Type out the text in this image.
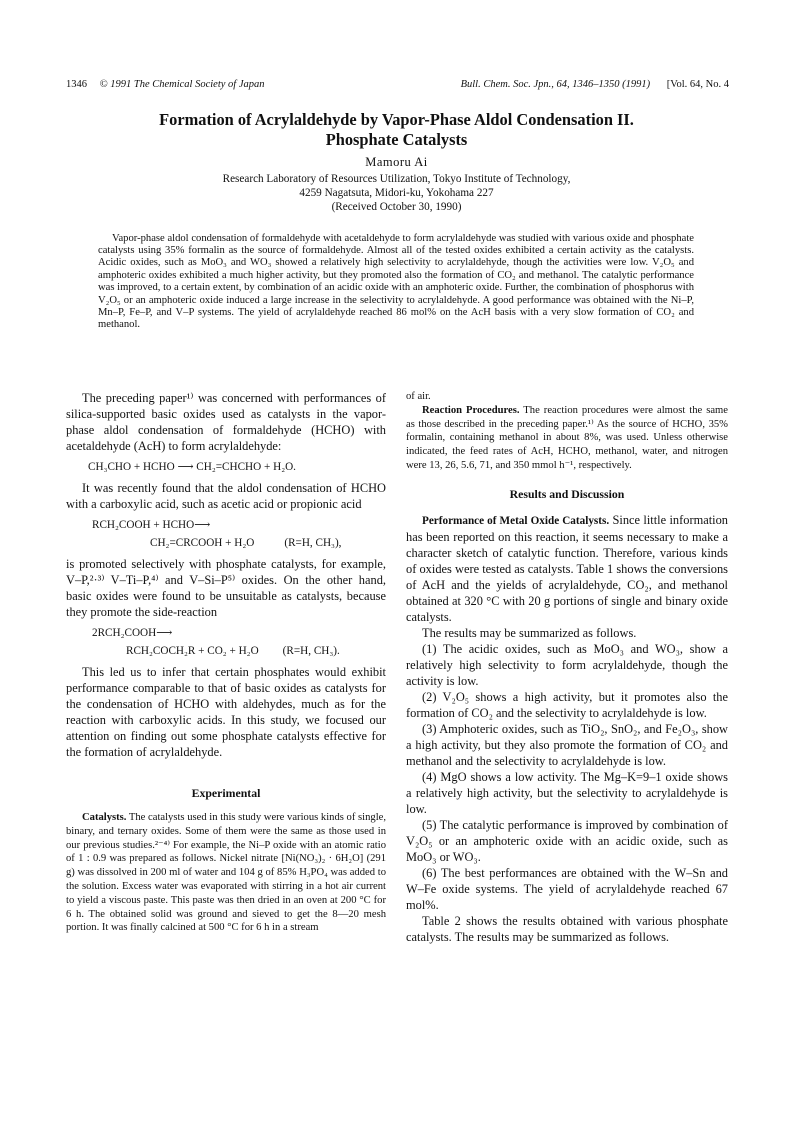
1346 © 1991 The Chemical Society of Japan	Bull. Chem. Soc. Jpn., 64, 1346–1350 (1991) [Vol. 64, No. 4
Formation of Acrylaldehyde by Vapor-Phase Aldol Condensation II.
Phosphate Catalysts
Mamoru Ai
Research Laboratory of Resources Utilization, Tokyo Institute of Technology,
4259 Nagatsuta, Midori-ku, Yokohama 227
(Received October 30, 1990)

Vapor-phase aldol condensation of formaldehyde with acetaldehyde to form acrylaldehyde was studied with various oxide and phosphate catalysts using 35% formalin as the source of formaldehyde. Almost all of the tested oxides exhibited a certain activity as the catalysts. Acidic oxides, such as MoO₃ and WO₃ showed a relatively high selectivity to acrylaldehyde, though the activities were low. V₂O₅ and amphoteric oxides exhibited a much higher activity, but they promoted also the formation of CO₂ and methanol. The catalytic performance was improved, to a certain extent, by combination of an acidic oxide with an amphoteric oxide. Further, the combination of phosphorus with V₂O₅ or an amphoteric oxide induced a large increase in the selectivity to acrylaldehyde. A good performance was obtained with the Ni–P, Mn–P, Fe–P, and V–P systems. The yield of acrylaldehyde reached 86 mol% on the AcH basis with a very slow formation of CO₂ and methanol.

The preceding paper¹⁾ was concerned with performances of silica-supported basic oxides used as catalysts in the vapor-phase aldol condensation of formaldehyde (HCHO) with acetaldehyde (AcH) to form acrylaldehyde:

CH₃CHO + HCHO ⟶ CH₂=CHCHO + H₂O.

It was recently found that the aldol condensation of HCHO with a carboxylic acid, such as acetic acid or propionic acid

RCH₂COOH + HCHO⟶

CH₂=CRCOOH + H₂O	(R=H, CH₃),

is promoted selectively with phosphate catalysts, for example, V–P,²·³⁾ V–Ti–P,⁴⁾ and V–Si–P⁵⁾ oxides. On the other hand, basic oxides were found to be unsuitable as catalysts, because they promote the side-reaction

2RCH₂COOH⟶

RCH₂COCH₂R + CO₂ + H₂O (R=H, CH₃).

This led us to infer that certain phosphates would exhibit performance comparable to that of basic oxides as catalysts for the condensation of HCHO with aldehydes, much as for the reaction with carboxylic acids. In this study, we focused our attention on finding out some phosphate catalysts effective for the formation of acrylaldehyde.

Experimental

Catalysts. The catalysts used in this study were various kinds of single, binary, and ternary oxides. Some of them were the same as those used in our previous studies.²⁻⁴⁾ For example, the Ni–P oxide with an atomic ratio of 1 : 0.9 was prepared as follows. Nickel nitrate [Ni(NO₃)₂ · 6H₂O] (291 g) was dissolved in 200 ml of water and 104 g of 85% H₃PO₄ was added to the solution. Excess water was evaporated with stirring in a hot air current to yield a viscous paste. This paste was then dried in an oven at 200 °C for 6 h. The obtained solid was ground and sieved to get the 8—20 mesh portion. It was finally calcined at 500 °C for 6 h in a stream

of air.

Reaction Procedures. The reaction procedures were almost the same as those described in the preceding paper.¹⁾ As the source of HCHO, 35% formalin, containing methanol in about 8%, was used. Unless otherwise indicated, the feed rates of AcH, HCHO, methanol, water, and nitrogen were 13, 26, 5.6, 71, and 350 mmol h⁻¹, respectively.

Results and Discussion

Performance of Metal Oxide Catalysts. Since little information has been reported on this reaction, it seems necessary to make a character sketch of catalytic function. Therefore, various kinds of oxides were tested as catalysts. Table 1 shows the conversions of AcH and the yields of acrylaldehyde, CO₂, and methanol obtained at 320 °C with 20 g portions of single and binary oxide catalysts.

The results may be summarized as follows.

(1) The acidic oxides, such as MoO₃ and WO₃, show a relatively high selectivity to form acrylaldehyde, though the activity is low.

(2) V₂O₅ shows a high activity, but it promotes also the formation of CO₂ and the selectivity to acrylaldehyde is low.

(3) Amphoteric oxides, such as TiO₂, SnO₂, and Fe₂O₃, show a high activity, but they also promote the formation of CO₂ and methanol and the selectivity to acrylaldehyde is low.

(4) MgO shows a low activity. The Mg–K=9–1 oxide shows a relatively high activity, but the selectivity to acrylaldehyde is low.

(5) The catalytic performance is improved by combination of V₂O₅ or an amphoteric oxide with an acidic oxide, such as MoO₃ or WO₃.

(6) The best performances are obtained with the W–Sn and W–Fe oxide systems. The yield of acrylaldehyde reached 67 mol%.

Table 2 shows the results obtained with various phosphate catalysts. The results may be summarized as follows.
